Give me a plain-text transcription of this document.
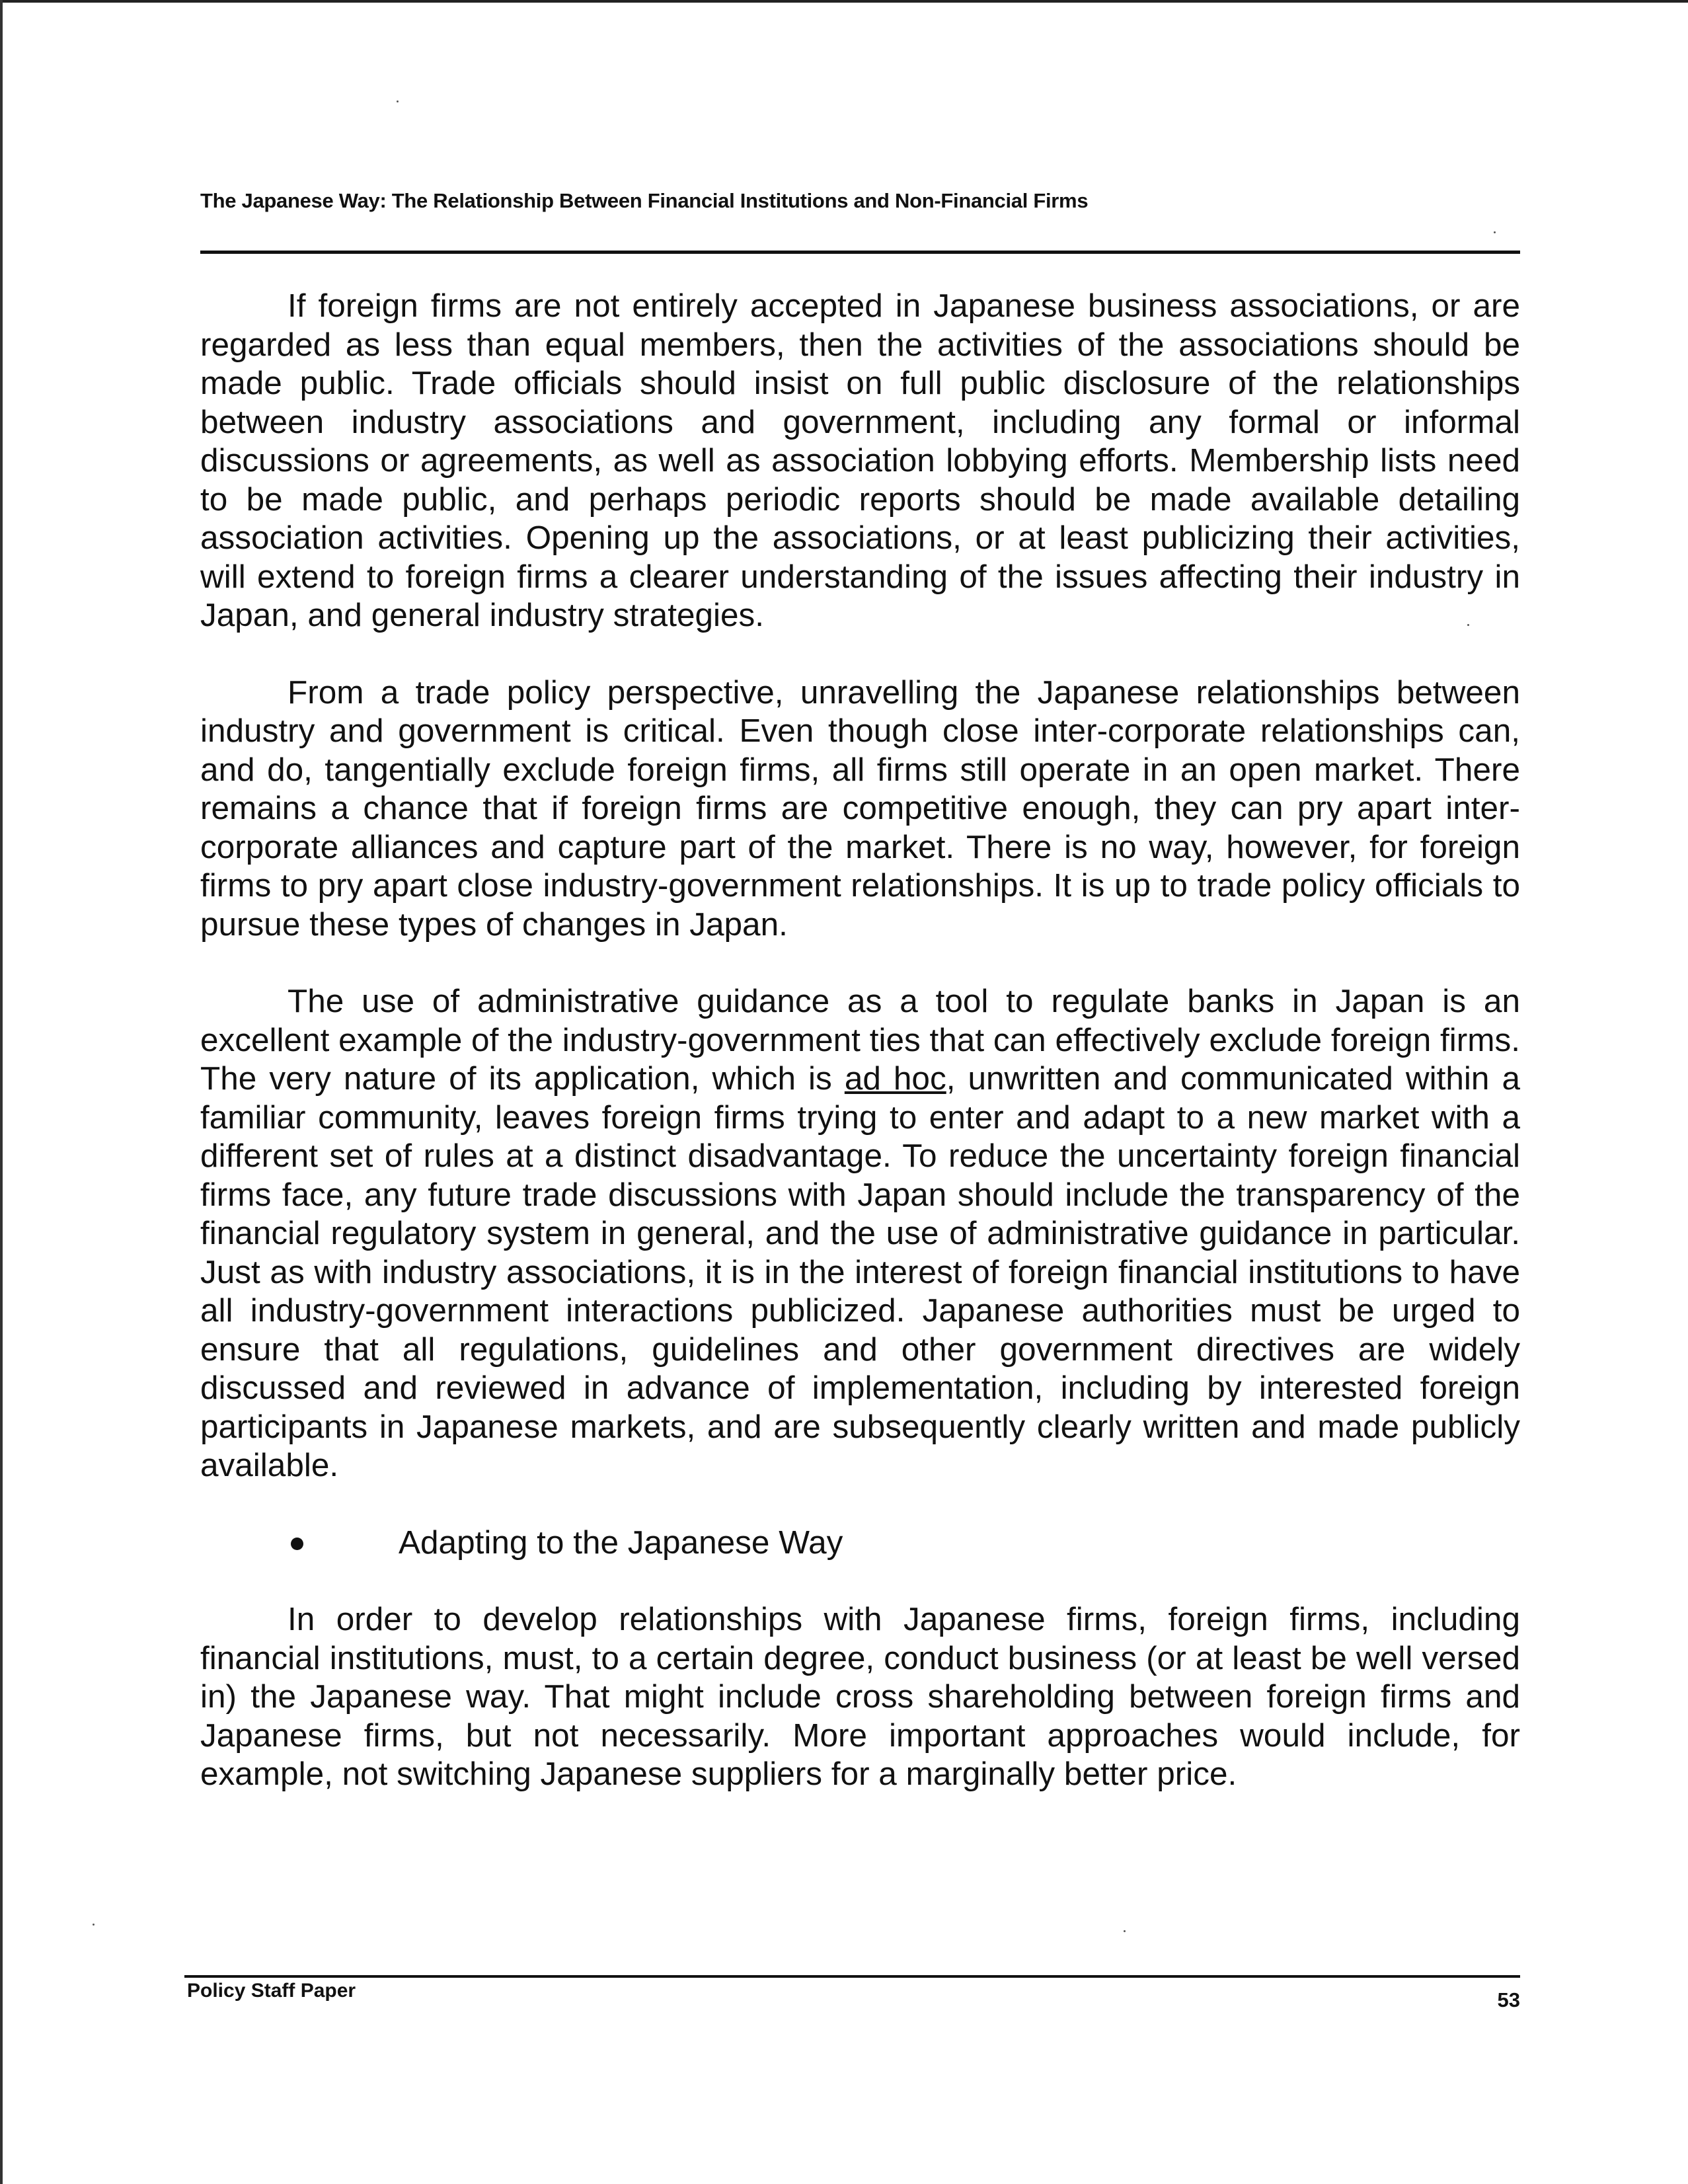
The Japanese Way: The Relationship Between Financial Institutions and Non-Financial Firms

If foreign firms are not entirely accepted in Japanese business associations, or are regarded as less than equal members, then the activities of the associations should be made public. Trade officials should insist on full public disclosure of the relationships between industry associations and government, including any formal or informal discussions or agreements, as well as association lobbying efforts. Membership lists need to be made public, and perhaps periodic reports should be made available detailing association activities. Opening up the associations, or at least publicizing their activities, will extend to foreign firms a clearer understanding of the issues affecting their industry in Japan, and general industry strategies.

From a trade policy perspective, unravelling the Japanese relationships between industry and government is critical. Even though close inter-corporate relationships can, and do, tangentially exclude foreign firms, all firms still operate in an open market. There remains a chance that if foreign firms are competitive enough, they can pry apart inter-corporate alliances and capture part of the market. There is no way, however, for foreign firms to pry apart close industry-government relationships. It is up to trade policy officials to pursue these types of changes in Japan.

The use of administrative guidance as a tool to regulate banks in Japan is an excellent example of the industry-government ties that can effectively exclude foreign firms. The very nature of its application, which is ad hoc, unwritten and communicated within a familiar community, leaves foreign firms trying to enter and adapt to a new market with a different set of rules at a distinct disadvantage. To reduce the uncertainty foreign financial firms face, any future trade discussions with Japan should include the transparency of the financial regulatory system in general, and the use of administrative guidance in particular. Just as with industry associations, it is in the interest of foreign financial institutions to have all industry-government interactions publicized. Japanese authorities must be urged to ensure that all regulations, guidelines and other government directives are widely discussed and reviewed in advance of implementation, including by interested foreign participants in Japanese markets, and are subsequently clearly written and made publicly available.

Adapting to the Japanese Way

In order to develop relationships with Japanese firms, foreign firms, including financial institutions, must, to a certain degree, conduct business (or at least be well versed in) the Japanese way. That might include cross shareholding between foreign firms and Japanese firms, but not necessarily. More important approaches would include, for example, not switching Japanese suppliers for a marginally better price.

Policy Staff Paper	53
